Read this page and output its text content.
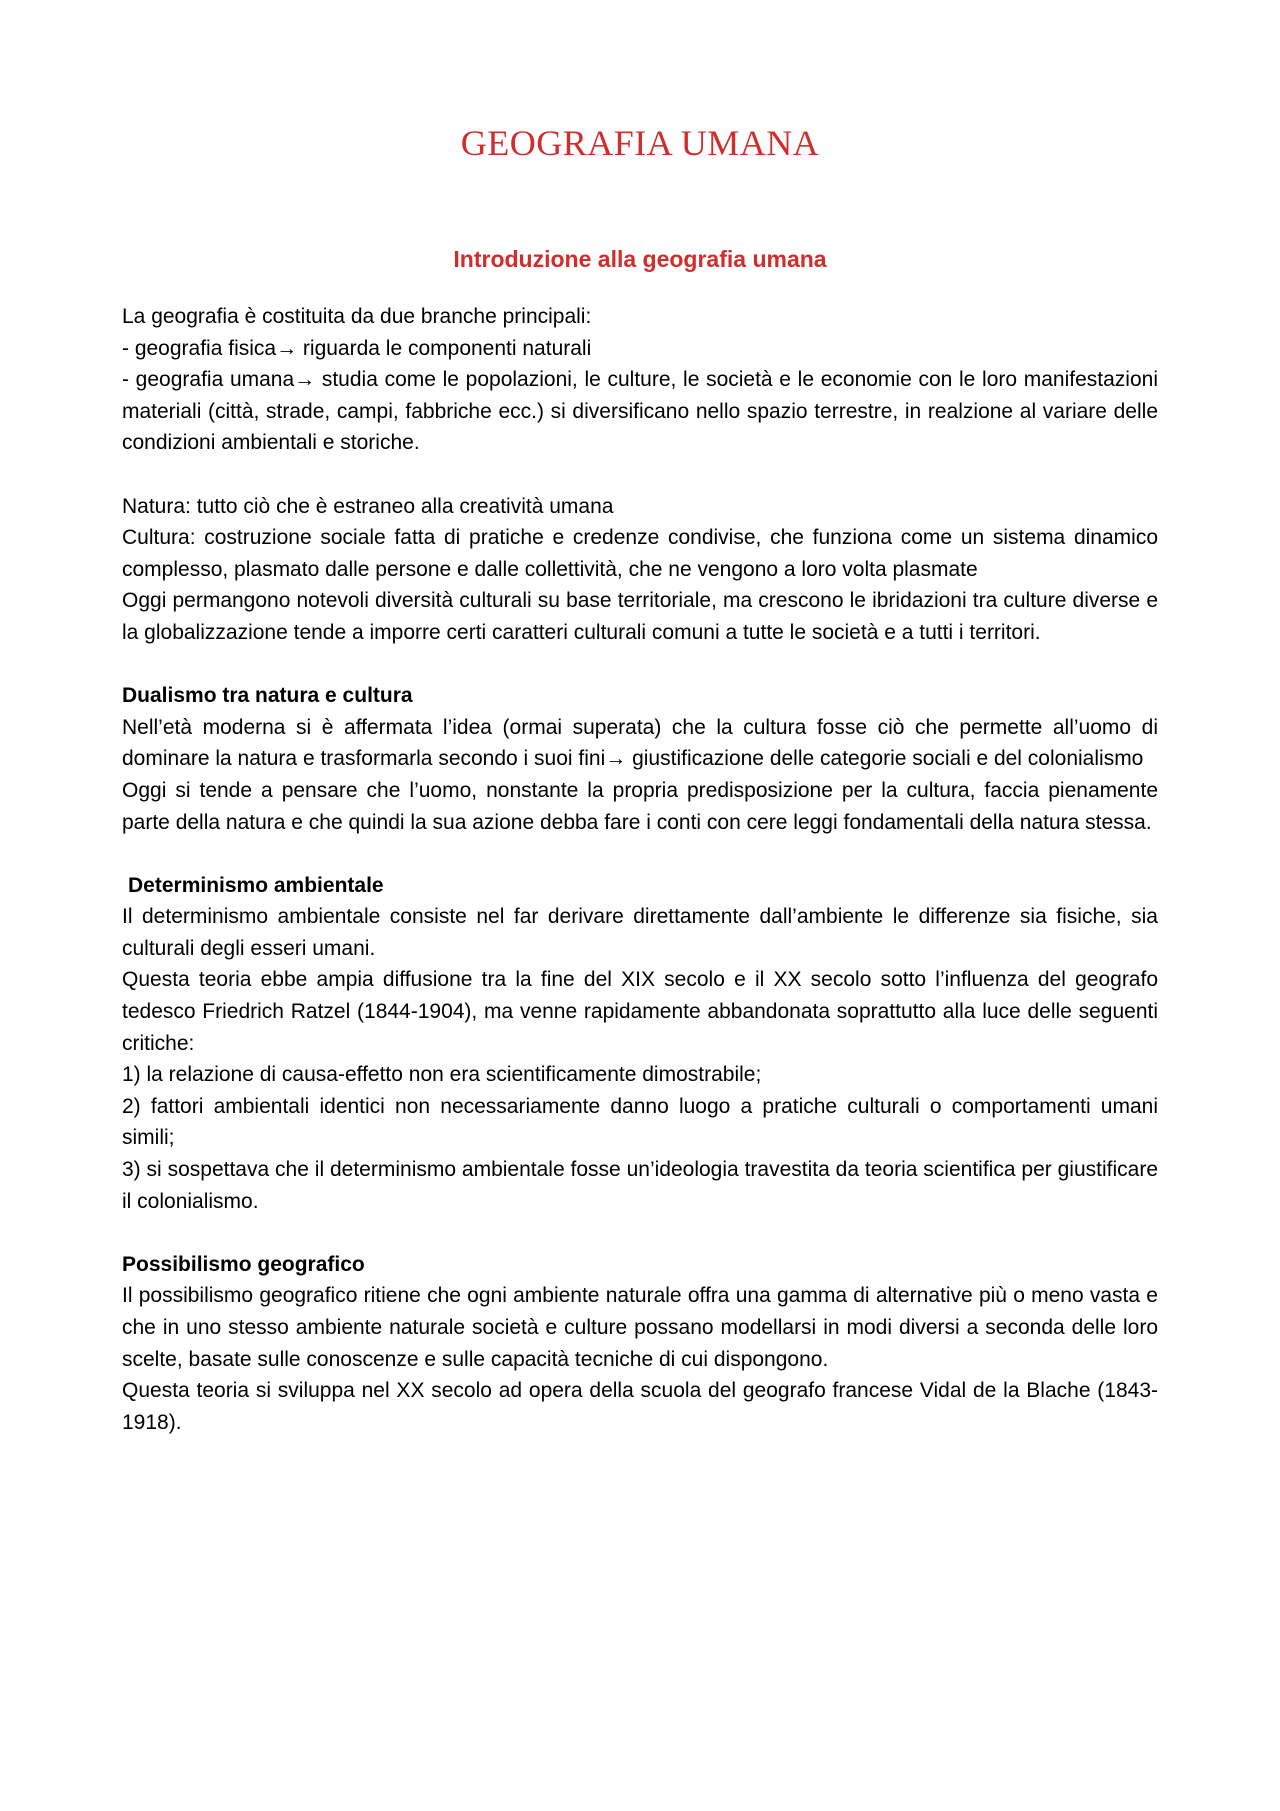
GEOGRAFIA UMANA
Introduzione alla geografia umana

La geografia è costituita da due branche principali:

- geografia fisica→ riguarda le componenti naturali

- geografia umana→ studia come le popolazioni, le culture, le società e le economie con le loro manifestazioni materiali (città, strade, campi, fabbriche ecc.) si diversificano nello spazio terrestre, in realzione al variare delle condizioni ambientali e storiche.

Natura: tutto ciò che è estraneo alla creatività umana

Cultura: costruzione sociale fatta di pratiche e credenze condivise, che funziona come un sistema dinamico complesso, plasmato dalle persone e dalle collettività, che ne vengono a loro volta plasmate

Oggi permangono notevoli diversità culturali su base territoriale, ma crescono le ibridazioni tra culture diverse e la globalizzazione tende a imporre certi caratteri culturali comuni a tutte le società e a tutti i territori.

Dualismo tra natura e cultura

Nell’età moderna si è affermata l’idea (ormai superata) che la cultura fosse ciò che permette all’uomo di dominare la natura e trasformarla secondo i suoi fini→ giustificazione delle categorie sociali e del colonialismo

Oggi si tende a pensare che l’uomo, nonstante la propria predisposizione per la cultura, faccia pienamente parte della natura e che quindi la sua azione debba fare i conti con cere leggi fondamentali della natura stessa.

Determinismo ambientale

Il determinismo ambientale consiste nel far derivare direttamente dall’ambiente le differenze sia fisiche, sia culturali degli esseri umani.

Questa teoria ebbe ampia diffusione tra la fine del XIX secolo e il XX secolo sotto l’influenza del geografo tedesco Friedrich Ratzel (1844-1904), ma venne rapidamente abbandonata soprattutto alla luce delle seguenti critiche:

1) la relazione di causa-effetto non era scientificamente dimostrabile;

2) fattori ambientali identici non necessariamente danno luogo a pratiche culturali o comportamenti umani simili;

3) si sospettava che il determinismo ambientale fosse un’ideologia travestita da teoria scientifica per giustificare il colonialismo.

Possibilismo geografico

Il possibilismo geografico ritiene che ogni ambiente naturale offra una gamma di alternative più o meno vasta e che in uno stesso ambiente naturale società e culture possano modellarsi in modi diversi a seconda delle loro scelte, basate sulle conoscenze e sulle capacità tecniche di cui dispongono.

Questa teoria si sviluppa nel XX secolo ad opera della scuola del geografo francese Vidal de la Blache (1843-1918).
